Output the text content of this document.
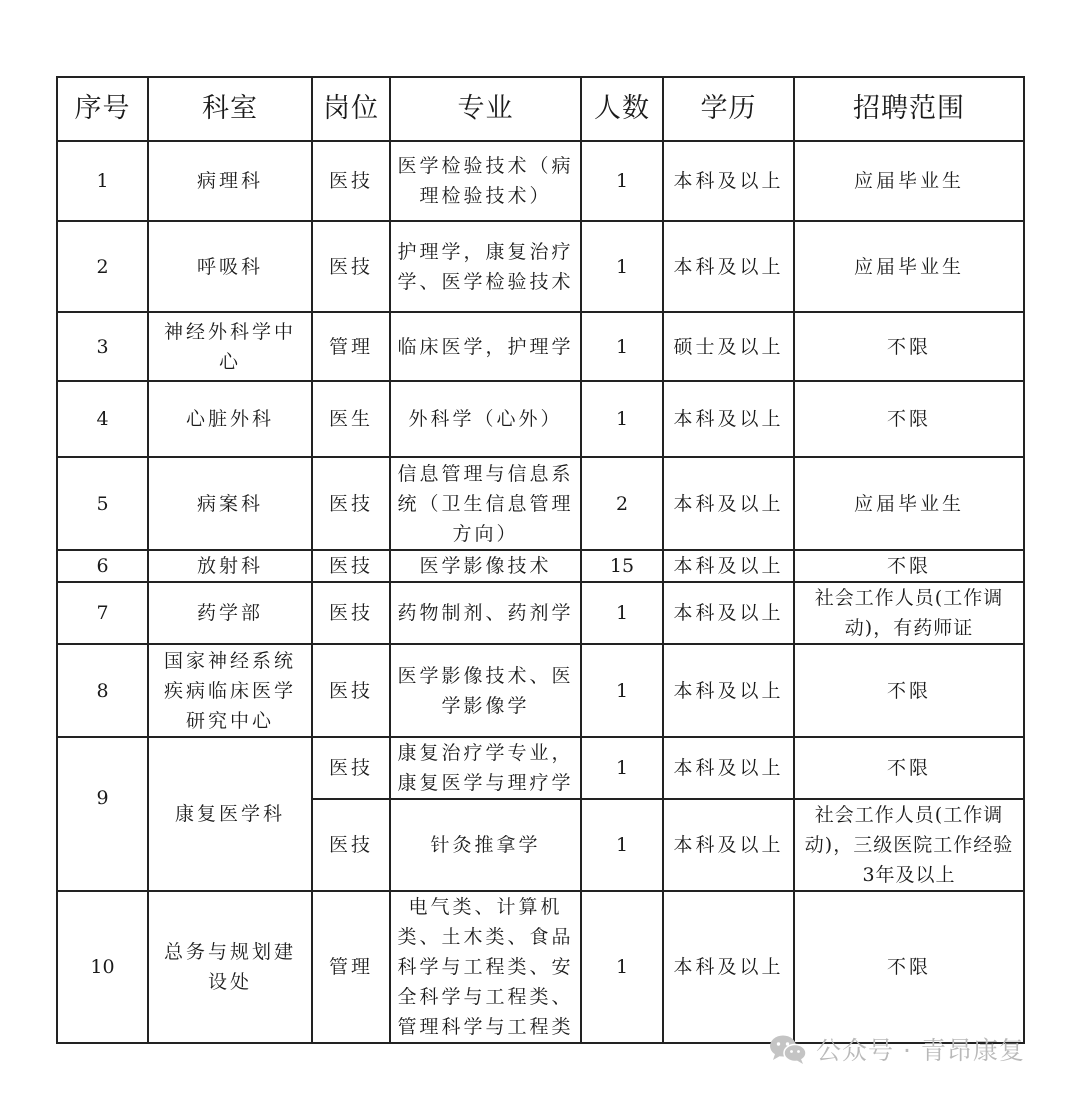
序号	科室	岗位	专业	人数	学历	招聘范围
1	病理科	医技	医学检验技术（病理检验技术）	1	本科及以上	应届毕业生
2	呼吸科	医技	护理学，康复治疗学、医学检验技术	1	本科及以上	应届毕业生
3	神经外科学中心	管理	临床医学，护理学	1	硕士及以上	不限
4	心脏外科	医生	外科学（心外）	1	本科及以上	不限
5	病案科	医技	信息管理与信息系统（卫生信息管理方向）	2	本科及以上	应届毕业生
6	放射科	医技	医学影像技术	15	本科及以上	不限
7	药学部	医技	药物制剂、药剂学	1	本科及以上	社会工作人员(工作调动)，有药师证
8	国家神经系统疾病临床医学研究中心	医技	医学影像技术、医学影像学	1	本科及以上	不限
9	康复医学科	医技	康复治疗学专业，康复医学与理疗学	1	本科及以上	不限
		医技	针灸推拿学	1	本科及以上	社会工作人员(工作调动)，三级医院工作经验3年及以上
10	总务与规划建设处	管理	电气类、计算机类、土木类、食品科学与工程类、安全科学与工程类、管理科学与工程类	1	本科及以上	不限
公众号 · 青昂康复
